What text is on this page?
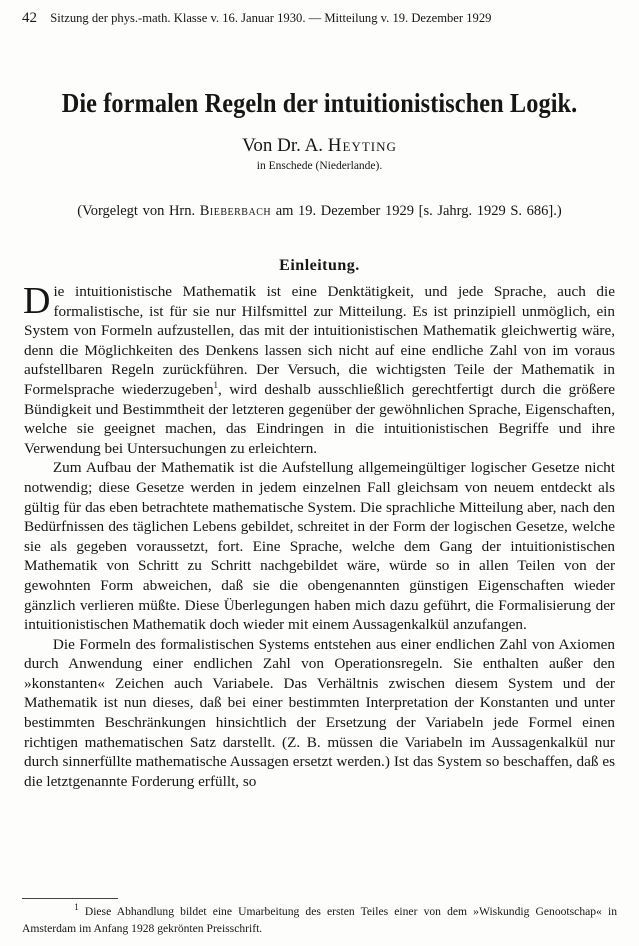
42 Sitzung der phys.-math. Klasse v. 16. Januar 1930. — Mitteilung v. 19. Dezember 1929
Die formalen Regeln der intuitionistischen Logik.
Von Dr. A. Heyting
in Enschede (Niederlande).
(Vorgelegt von Hrn. Bieberbach am 19. Dezember 1929 [s. Jahrg. 1929 S. 686].)
Einleitung.

Die intuitionistische Mathematik ist eine Denktätigkeit, und jede Sprache, auch die formalistische, ist für sie nur Hilfsmittel zur Mitteilung. Es ist prinzipiell unmöglich, ein System von Formeln aufzustellen, das mit der intuitionistischen Mathematik gleichwertig wäre, denn die Möglichkeiten des Denkens lassen sich nicht auf eine endliche Zahl von im voraus aufstellbaren Regeln zurückführen. Der Versuch, die wichtigsten Teile der Mathematik in Formelsprache wiederzugeben$^1$, wird deshalb ausschließlich gerechtfertigt durch die größere Bündigkeit und Bestimmtheit der letzteren gegenüber der gewöhnlichen Sprache, Eigenschaften, welche sie geeignet machen, das Eindringen in die intuitionistischen Begriffe und ihre Verwendung bei Untersuchungen zu erleichtern.

Zum Aufbau der Mathematik ist die Aufstellung allgemeingültiger logischer Gesetze nicht notwendig; diese Gesetze werden in jedem einzelnen Fall gleichsam von neuem entdeckt als gültig für das eben betrachtete mathematische System. Die sprachliche Mitteilung aber, nach den Bedürfnissen des täglichen Lebens gebildet, schreitet in der Form der logischen Gesetze, welche sie als gegeben voraussetzt, fort. Eine Sprache, welche dem Gang der intuitionistischen Mathematik von Schritt zu Schritt nachgebildet wäre, würde so in allen Teilen von der gewohnten Form abweichen, daß sie die obengenannten günstigen Eigenschaften wieder gänzlich verlieren müßte. Diese Überlegungen haben mich dazu geführt, die Formalisierung der intuitionistischen Mathematik doch wieder mit einem Aussagenkalkül anzufangen.

Die Formeln des formalistischen Systems entstehen aus einer endlichen Zahl von Axiomen durch Anwendung einer endlichen Zahl von Operationsregeln. Sie enthalten außer den »konstanten« Zeichen auch Variabele. Das Verhältnis zwischen diesem System und der Mathematik ist nun dieses, daß bei einer bestimmten Interpretation der Konstanten und unter bestimmten Beschränkungen hinsichtlich der Ersetzung der Variabeln jede Formel einen richtigen mathematischen Satz darstellt. (Z. B. müssen die Variabeln im Aussagenkalkül nur durch sinnerfüllte mathematische Aussagen ersetzt werden.) Ist das System so beschaffen, daß es die letztgenannte Forderung erfüllt, so

$^1$ Diese Abhandlung bildet eine Umarbeitung des ersten Teiles einer von dem »Wiskundig Genootschap« in Amsterdam im Anfang 1928 gekrönten Preisschrift.
